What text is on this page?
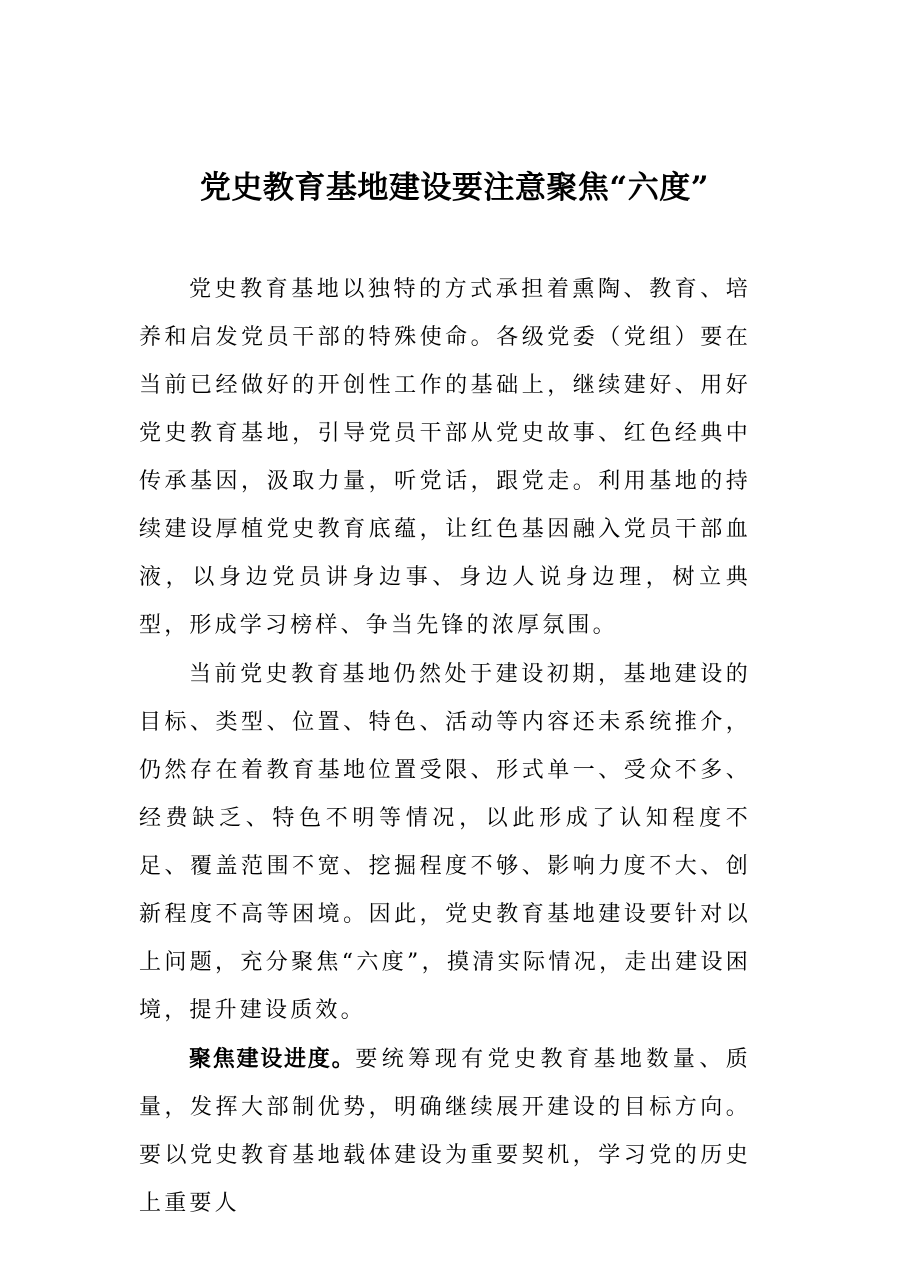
党史教育基地建设要注意聚焦“六度”

党史教育基地以独特的方式承担着熏陶、教育、培养和启发党员干部的特殊使命。各级党委（党组）要在当前已经做好的开创性工作的基础上，继续建好、用好党史教育基地，引导党员干部从党史故事、红色经典中传承基因，汲取力量，听党话，跟党走。利用基地的持续建设厚植党史教育底蕴，让红色基因融入党员干部血液，以身边党员讲身边事、身边人说身边理，树立典型，形成学习榜样、争当先锋的浓厚氛围。

当前党史教育基地仍然处于建设初期，基地建设的目标、类型、位置、特色、活动等内容还未系统推介，仍然存在着教育基地位置受限、形式单一、受众不多、经费缺乏、特色不明等情况，以此形成了认知程度不足、覆盖范围不宽、挖掘程度不够、影响力度不大、创新程度不高等困境。因此，党史教育基地建设要针对以上问题，充分聚焦“六度”，摸清实际情况，走出建设困境，提升建设质效。

聚焦建设进度。要统筹现有党史教育基地数量、质量，发挥大部制优势，明确继续展开建设的目标方向。要以党史教育基地载体建设为重要契机，学习党的历史上重要人
